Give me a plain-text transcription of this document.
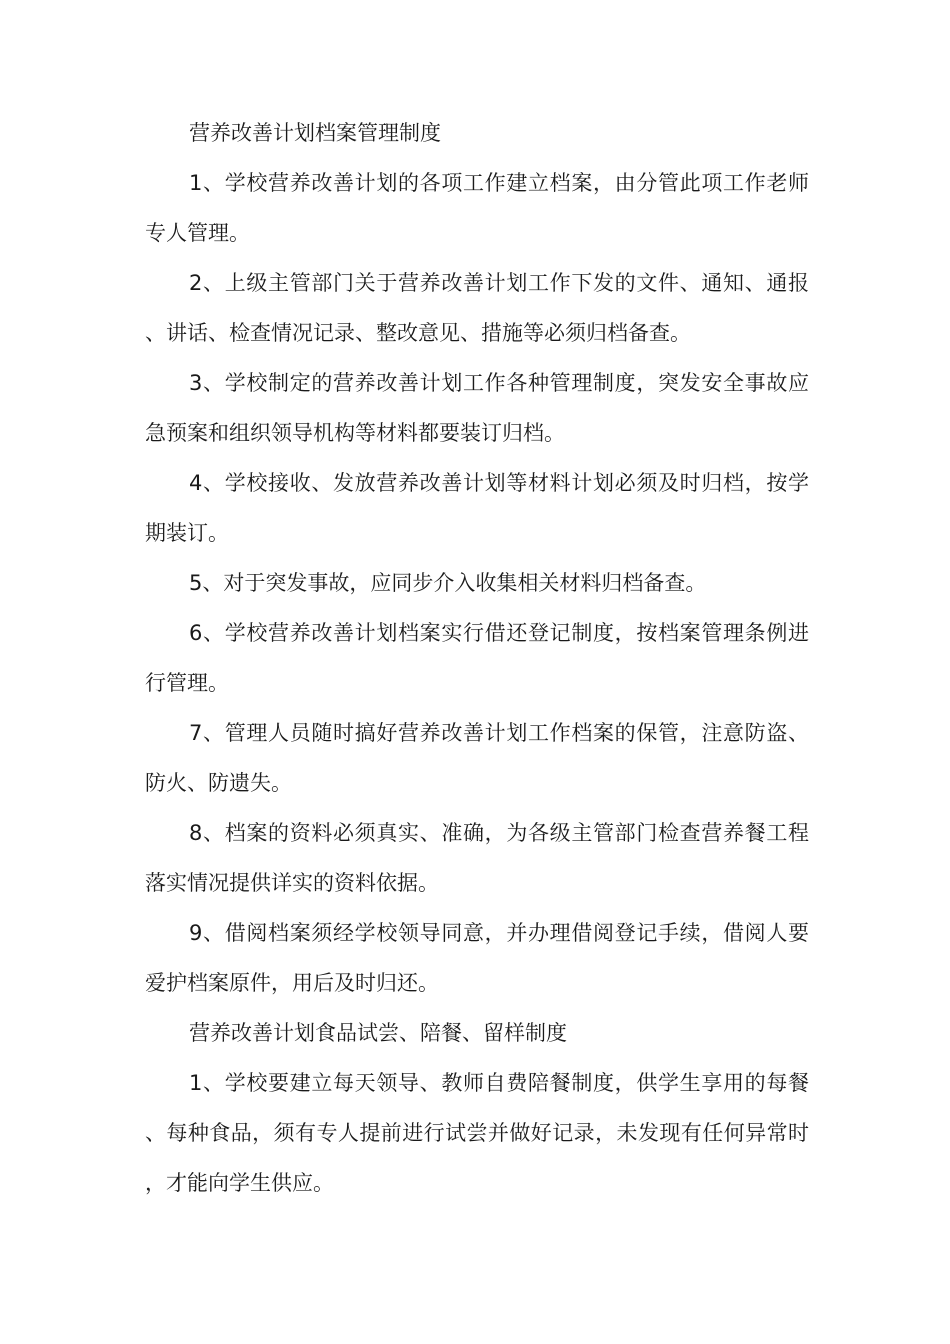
营养改善计划档案管理制度

1、学校营养改善计划的各项工作建立档案，由分管此项工作老师专人管理。

2、上级主管部门关于营养改善计划工作下发的文件、通知、通报、讲话、检查情况记录、整改意见、措施等必须归档备查。

3、学校制定的营养改善计划工作各种管理制度，突发安全事故应急预案和组织领导机构等材料都要装订归档。

4、学校接收、发放营养改善计划等材料计划必须及时归档，按学期装订。

5、对于突发事故，应同步介入收集相关材料归档备查。

6、学校营养改善计划档案实行借还登记制度，按档案管理条例进行管理。

7、管理人员随时搞好营养改善计划工作档案的保管，注意防盗、防火、防遗失。

8、档案的资料必须真实、准确，为各级主管部门检查营养餐工程落实情况提供详实的资料依据。

9、借阅档案须经学校领导同意，并办理借阅登记手续，借阅人要爱护档案原件，用后及时归还。

营养改善计划食品试尝、陪餐、留样制度

1、学校要建立每天领导、教师自费陪餐制度，供学生享用的每餐、每种食品，须有专人提前进行试尝并做好记录，未发现有任何异常时，才能向学生供应。
